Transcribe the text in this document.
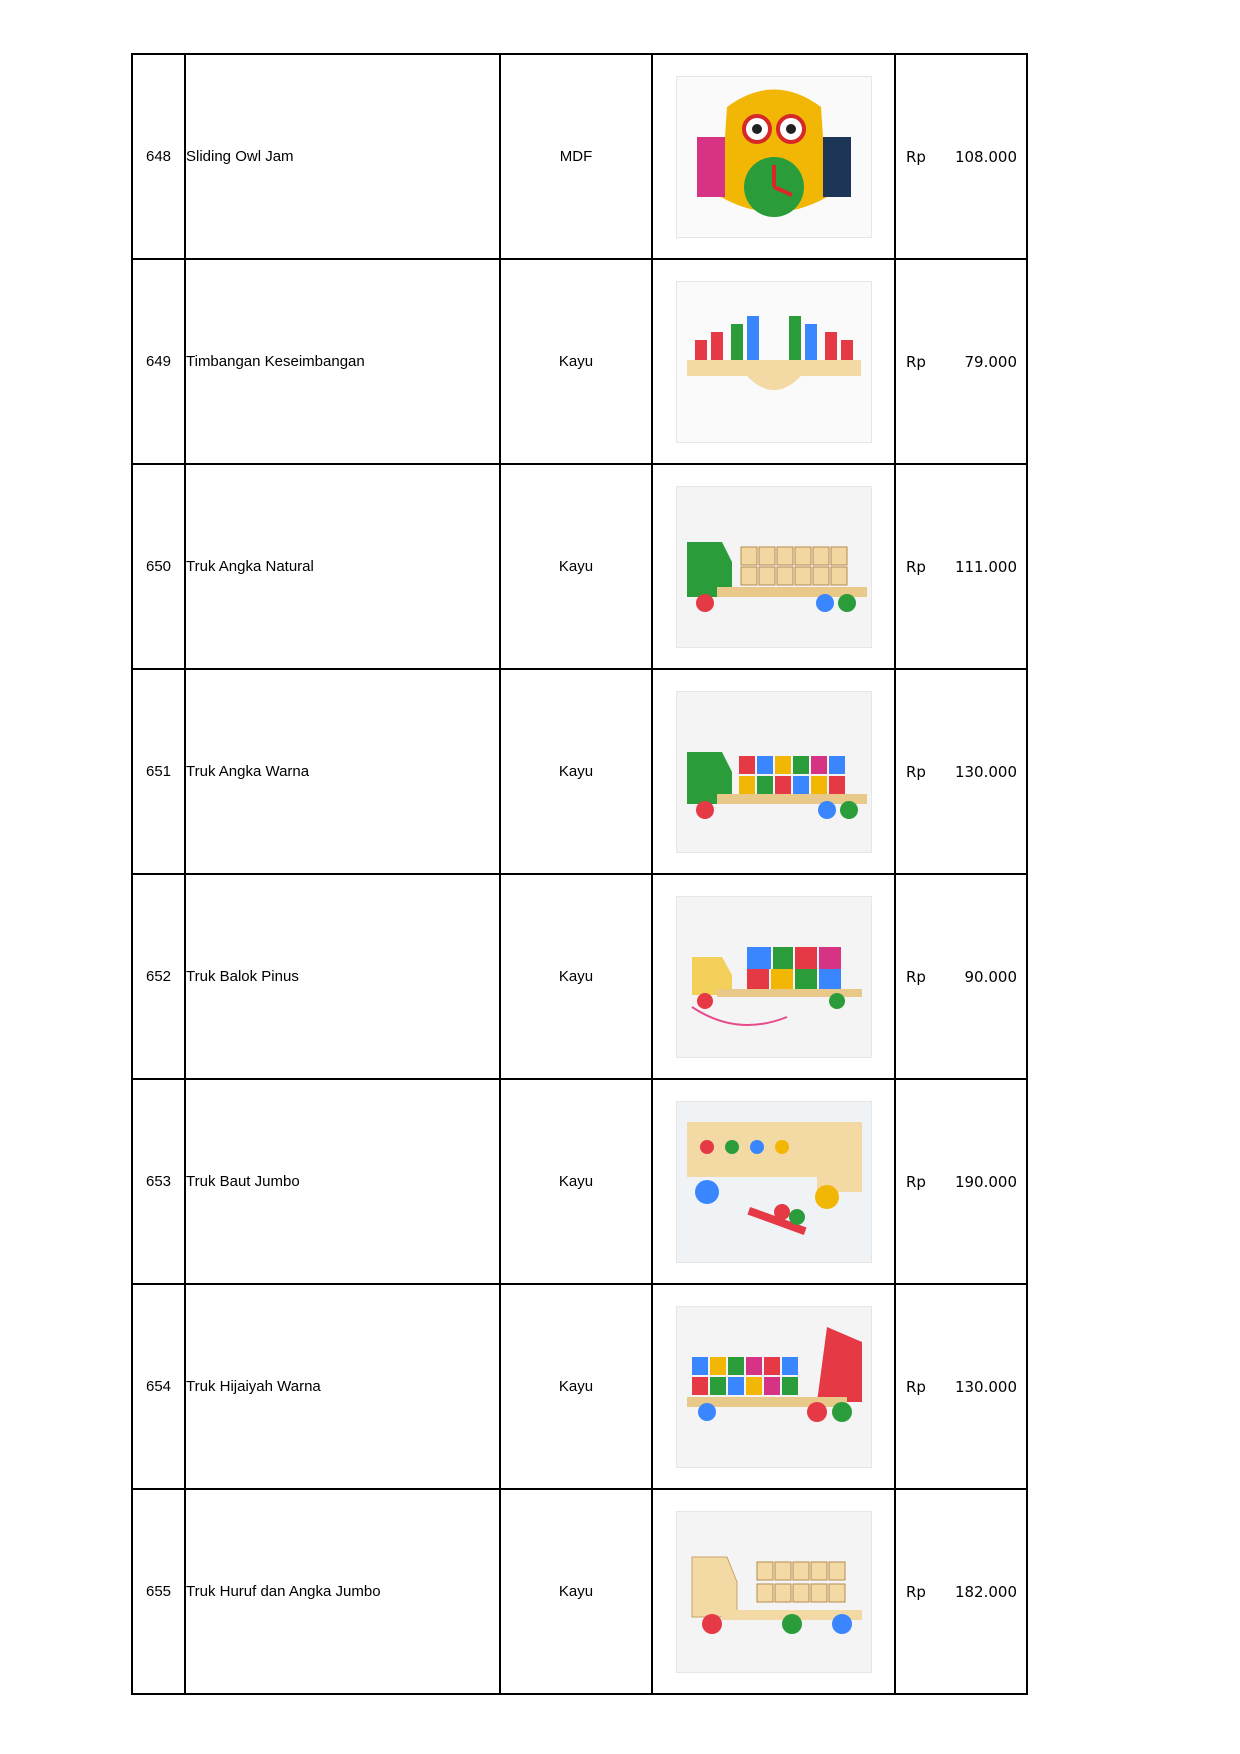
648	Sliding Owl Jam	MDF		Rp 108.000

649	Timbangan Keseimbangan	Kayu		Rp 79.000

650	Truk Angka Natural	Kayu		Rp 111.000

651	Truk Angka Warna	Kayu		Rp 130.000

652	Truk Balok Pinus	Kayu		Rp 90.000

653	Truk Baut Jumbo	Kayu		Rp 190.000

654	Truk Hijaiyah Warna	Kayu		Rp 130.000

655	Truk Huruf dan Angka Jumbo	Kayu		Rp 182.000
